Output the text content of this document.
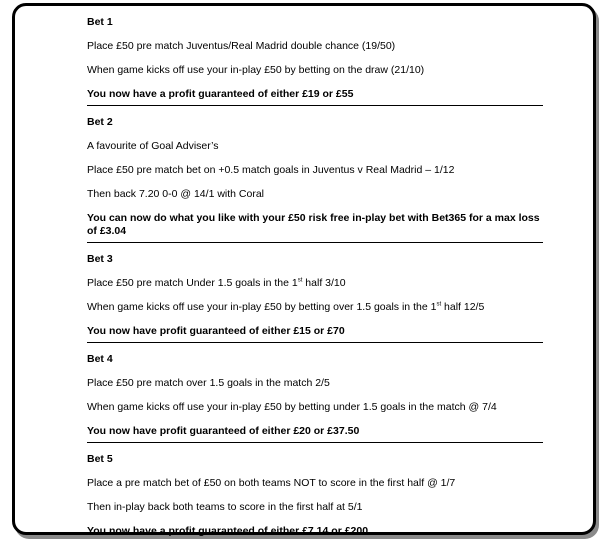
Bet 1

Place £50 pre match Juventus/Real Madrid double chance (19/50)

When game kicks off use your in-play £50 by betting on the draw (21/10)

You now have a profit guaranteed of either £19 or £55

Bet 2

A favourite of Goal Adviser’s

Place £50 pre match bet on +0.5 match goals in Juventus v Real Madrid – 1/12

Then back 7.20 0-0 @ 14/1 with Coral

You can now do what you like with your £50 risk free in-play bet with Bet365 for a max loss of £3.04

Bet 3

Place £50 pre match Under 1.5 goals in the 1st half 3/10

When game kicks off use your in-play £50 by betting over 1.5 goals in the 1st half 12/5

You now have profit guaranteed of either £15 or £70

Bet 4

Place £50 pre match over 1.5 goals in the match 2/5

When game kicks off use your in-play £50 by betting under 1.5 goals in the match @ 7/4

You now have profit guaranteed of either £20 or £37.50

Bet 5

Place a pre match bet of £50 on both teams NOT to score in the first half @ 1/7

Then in-play back both teams to score in the first half at 5/1

You now have a profit guaranteed of either £7.14 or £200
